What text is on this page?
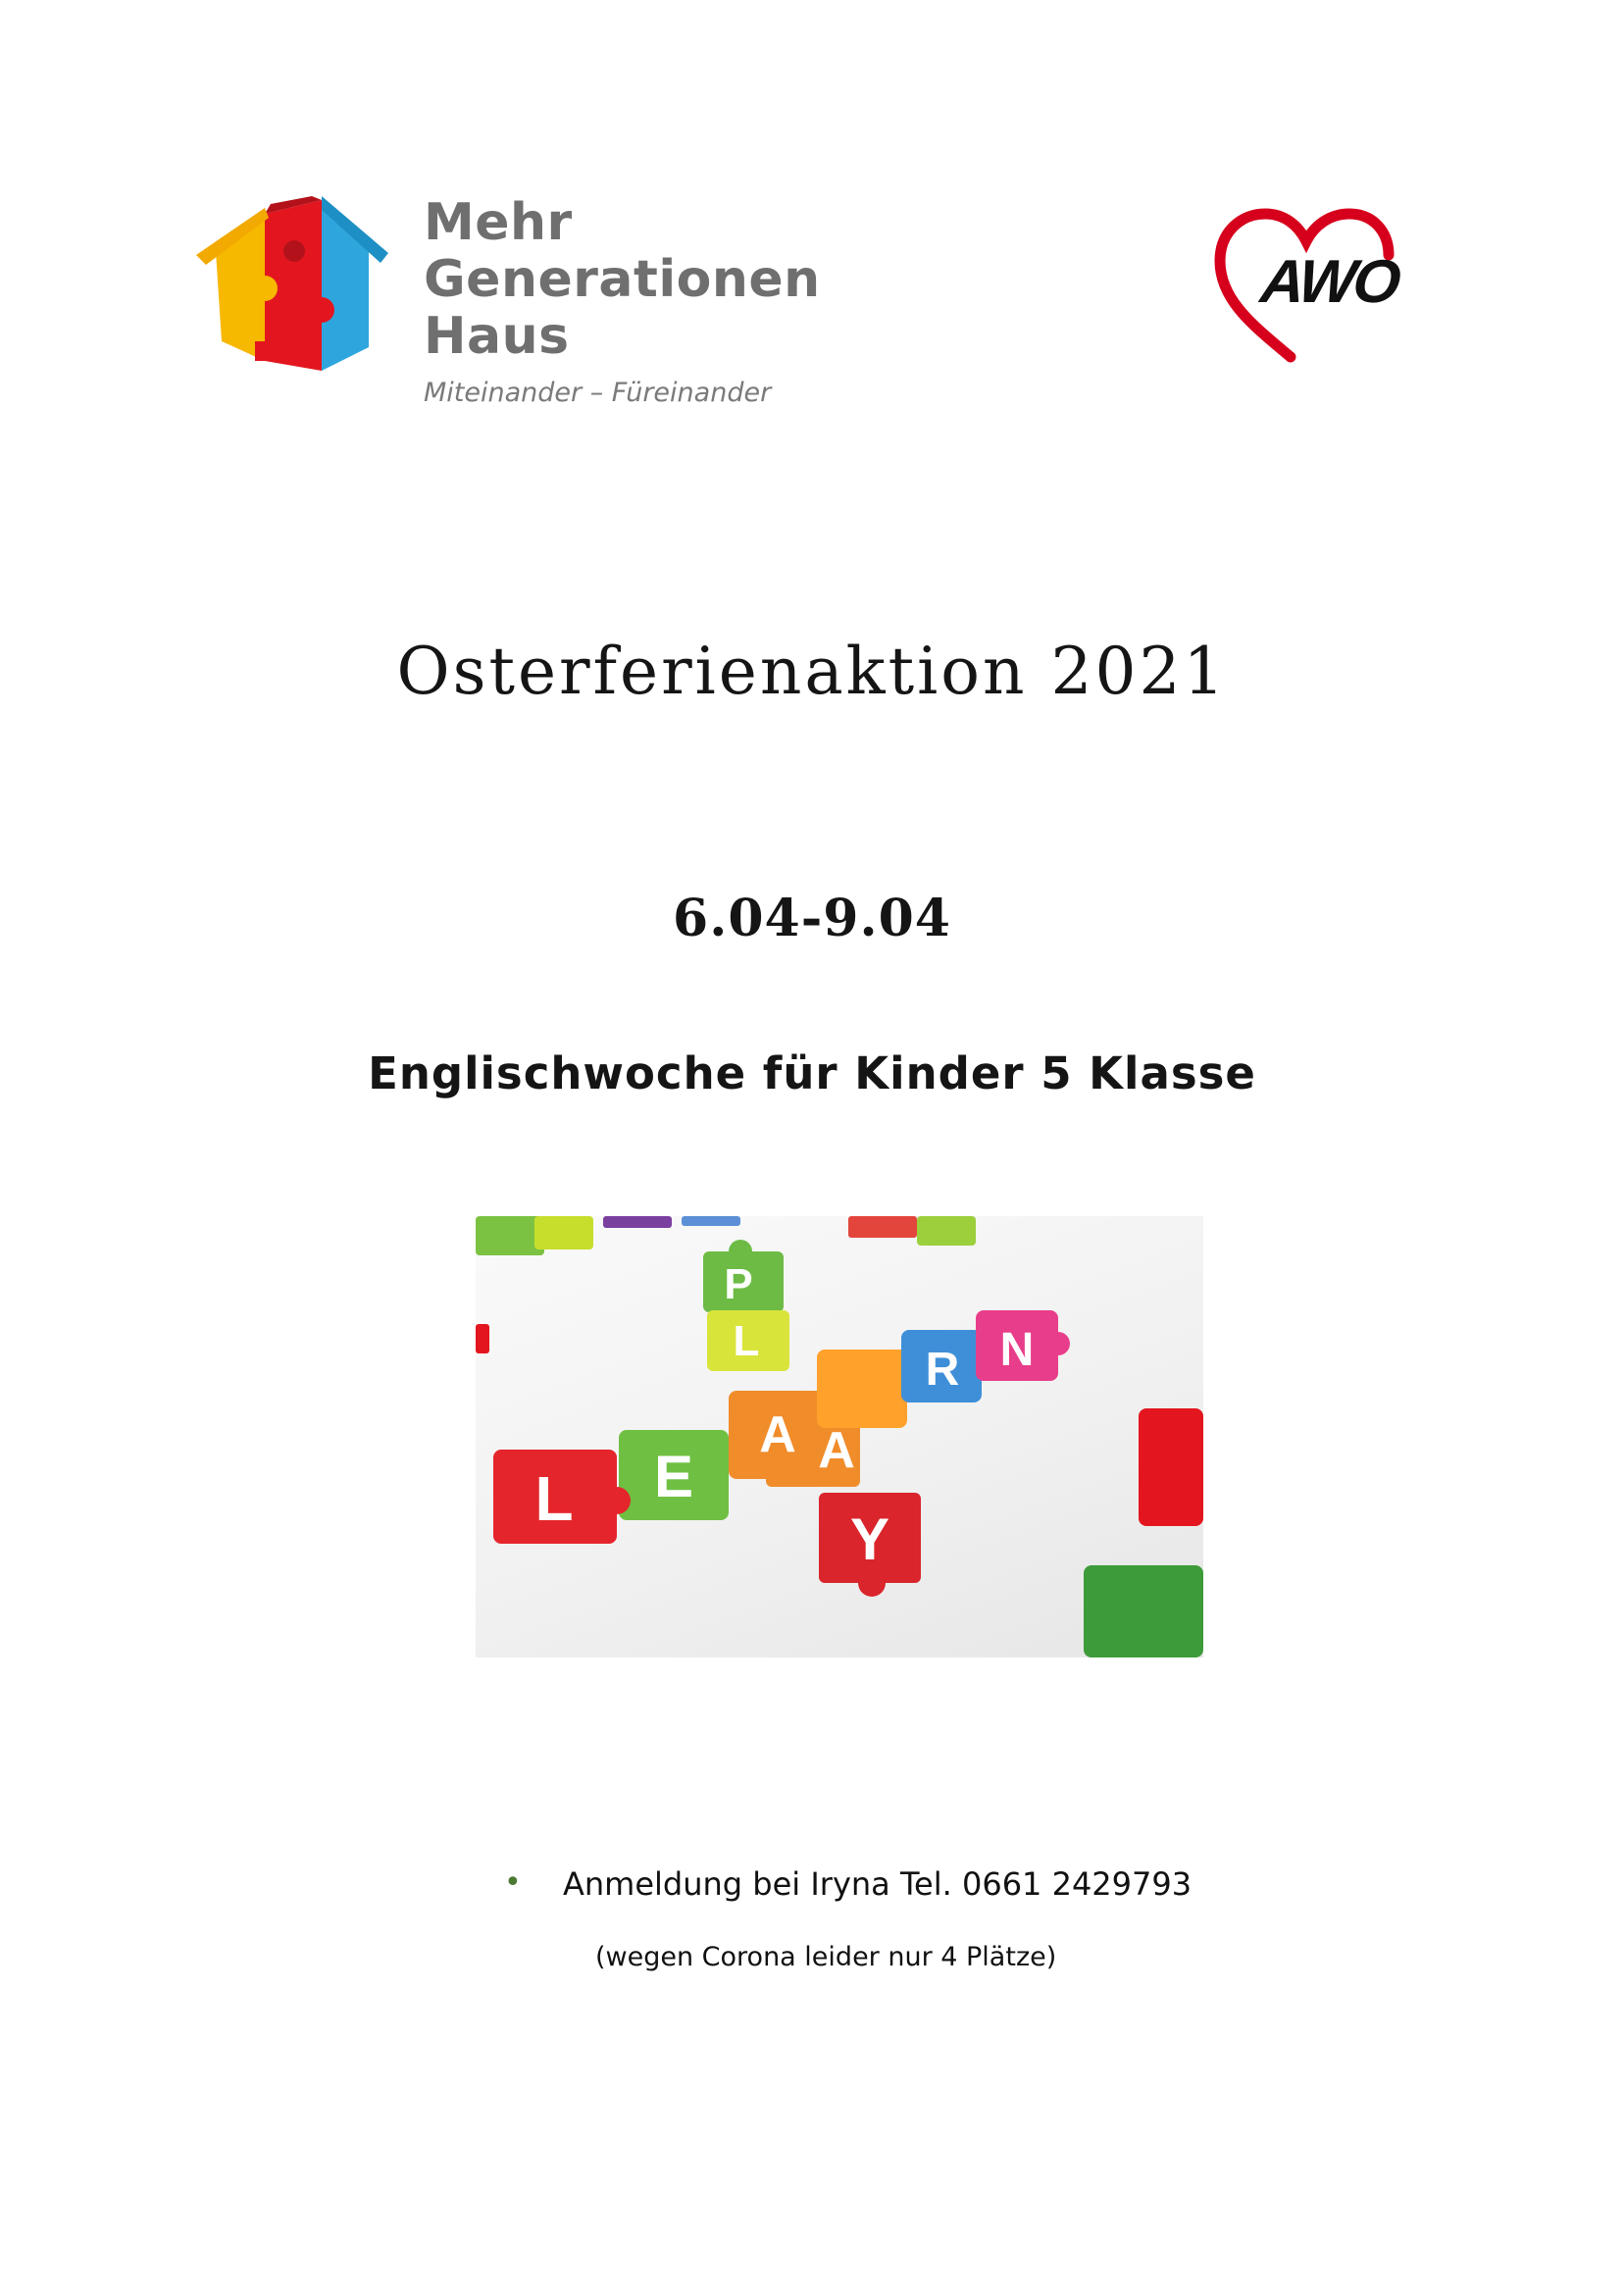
Mehr
Generationen
Haus
Miteinander – Füreinander
AWO
Osterferienaktion 2021
6.04-9.04
Englischwoche für Kinder 5 Klasse
P
L
A
Y
L E
A
R N
• Anmeldung bei Iryna Tel. 0661 2429793
(wegen Corona leider nur 4 Plätze)
